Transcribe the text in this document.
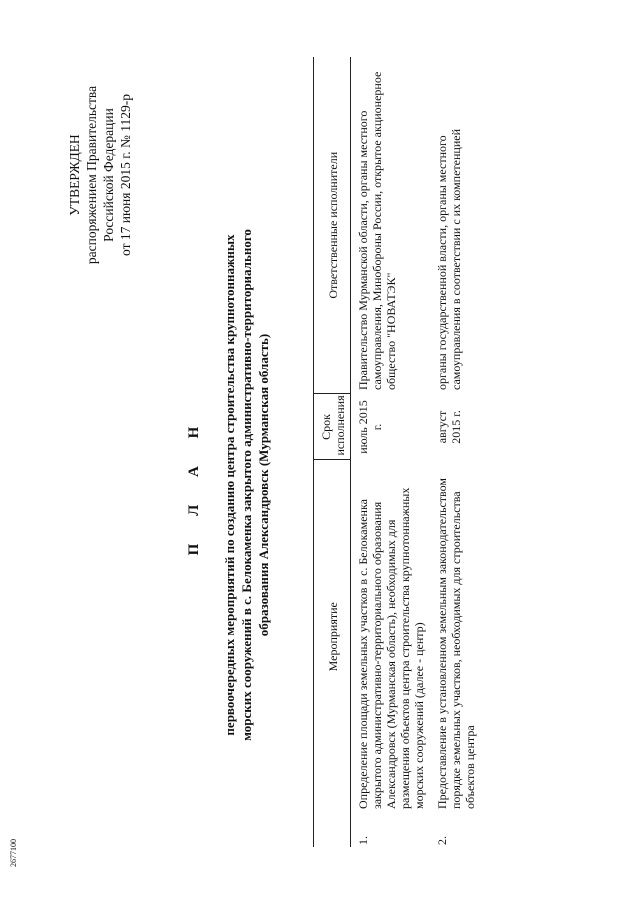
2677100
УТВЕРЖДЕН распоряжением Правительства Российской Федерации от 17 июня 2015 г. № 1129-р
П Л А Н первоочередных мероприятий по созданию центра строительства крупнотоннажных морских сооружений в с. Белокаменка закрытого административно-территориального образования Александровск (Мурманская область)
	Мероприятие	Срок исполнения	Ответственные исполнители
1.	Определение площади земельных участков в с. Белокаменка закрытого административно-территориального образования Александровск (Мурманская область), необходимых для размещения объектов центра строительства крупнотоннажных морских сооружений (далее - центр)	июль 2015 г.	Правительство Мурманской области, органы местного самоуправления, Минобороны России, открытое акционерное общество "НОВАТЭК"
2.	Предоставление в установленном земельным законодательством порядке земельных участков, необходимых для строительства объектов центра	август 2015 г.	органы государственной власти, органы местного самоуправления в соответствии с их компетенцией
